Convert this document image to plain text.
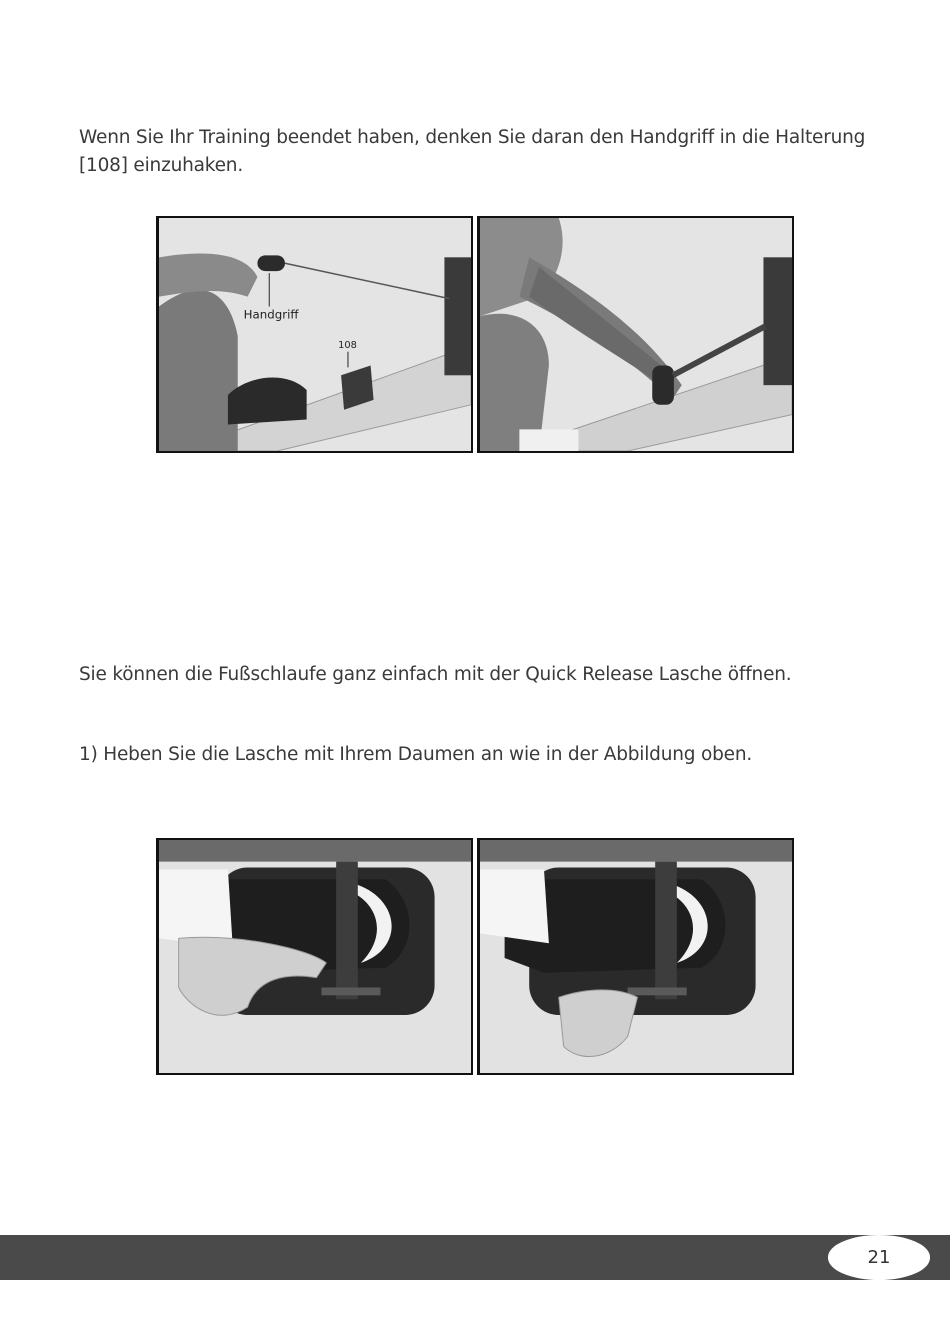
Wenn Sie Ihr Training beendet haben, denken Sie daran den Handgriff in die Halterung [108] einzuhaken.

Handgriff
108

Sie können die Fußschlaufe ganz einfach mit der Quick Release Lasche öffnen.

1) Heben Sie die Lasche mit Ihrem Daumen an wie in der Abbildung oben.

21
